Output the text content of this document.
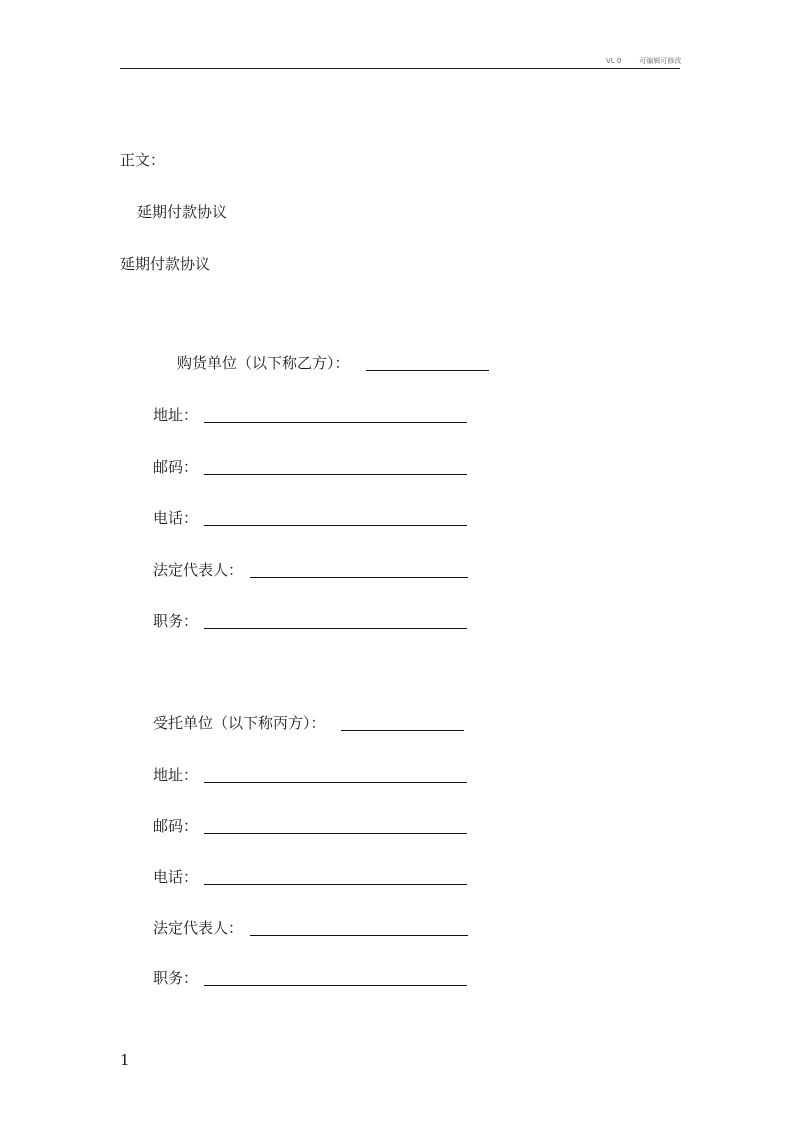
VL 0	可编辑可修改
正文：
延期付款协议
延期付款协议
购货单位（以下称乙方）：
地址：
邮码：
电话：
法定代表人：
职务：
受托单位（以下称丙方）：
地址：
邮码：
电话：
法定代表人：
职务：
1
